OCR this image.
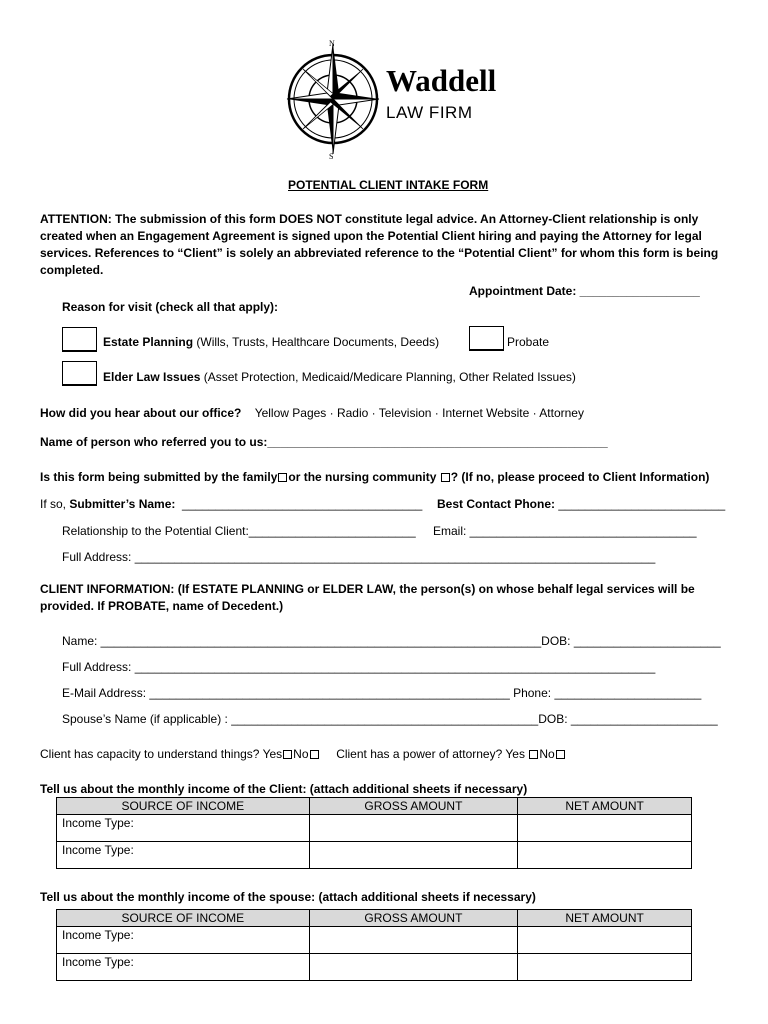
N
S
Waddell
LAW FIRM
POTENTIAL CLIENT INTAKE FORM
ATTENTION: The submission of this form DOES NOT constitute legal advice. An Attorney-Client relationship is only created when an Engagement Agreement is signed upon the Potential Client hiring and paying the Attorney for legal services. References to “Client” is solely an abbreviated reference to the “Potential Client” for whom this form is being completed.
Appointment Date: __________________
Reason for visit (check all that apply):
Estate Planning (Wills, Trusts, Healthcare Documents, Deeds)	Probate
Elder Law Issues (Asset Protection, Medicaid/Medicare Planning, Other Related Issues)
How did you hear about our office? Yellow Pages · Radio · Television · Internet Website · Attorney
Name of person who referred you to us:___________________________________________________
Is this form being submitted by the family or the nursing community ? (If no, please proceed to Client Information)
If so, Submitter’s Name: ____________________________________ Best Contact Phone: _________________________
Relationship to the Potential Client:_________________________ Email: __________________________________
Full Address: ______________________________________________________________________________
CLIENT INFORMATION: (If ESTATE PLANNING or ELDER LAW, the person(s) on whose behalf legal services will be provided. If PROBATE, name of Decedent.)
Name: __________________________________________________________________DOB: ______________________
Full Address: ______________________________________________________________________________
E-Mail Address: ______________________________________________________ Phone: ______________________
Spouse’s Name (if applicable) : ______________________________________________DOB: ______________________
Client has capacity to understand things? Yes No Client has a power of attorney? Yes No
Tell us about the monthly income of the Client: (attach additional sheets if necessary)
SOURCE OF INCOME	GROSS AMOUNT	NET AMOUNT
Income Type:		
Income Type:		
Tell us about the monthly income of the spouse: (attach additional sheets if necessary)
SOURCE OF INCOME	GROSS AMOUNT	NET AMOUNT
Income Type:		
Income Type:		
